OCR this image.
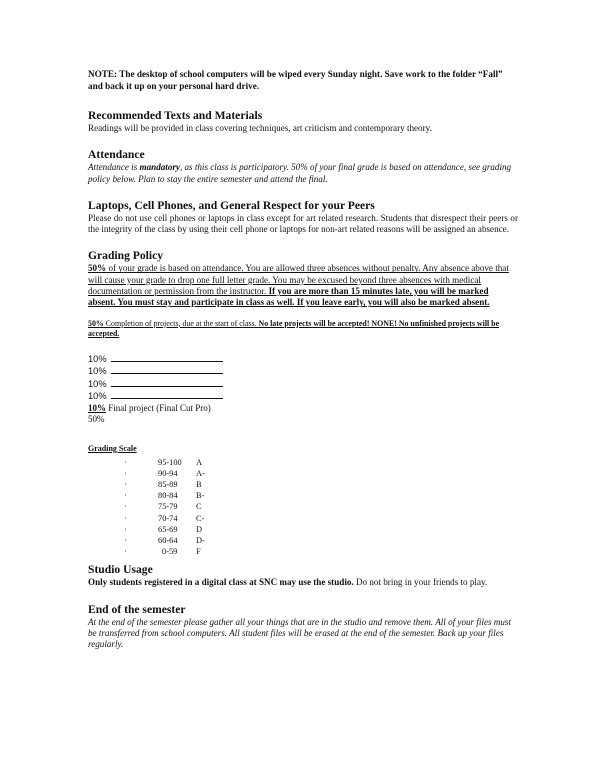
NOTE: The desktop of school computers will be wiped every Sunday night. Save work to the folder “Fall” and back it up on your personal hard drive.

Recommended Texts and Materials

Readings will be provided in class covering techniques, art criticism and contemporary theory.

Attendance

Attendance is mandatory, as this class is participatory. 50% of your final grade is based on attendance, see grading policy below. Plan to stay the entire semester and attend the final.

Laptops, Cell Phones, and General Respect for your Peers

Please do not use cell phones or laptops in class except for art related research. Students that disrespect their peers or the integrity of the class by using their cell phone or laptops for non-art related reasons will be assigned an absence.

Grading Policy

50% of your grade is based on attendance. You are allowed three absences without penalty. Any absence above that will cause your grade to drop one full letter grade. You may be excused beyond three absences with medical documentation or permission from the instructor. If you are more than 15 minutes late, you will be marked absent. You must stay and participate in class as well. If you leave early, you will also be marked absent.

50% Completion of projects, due at the start of class. No late projects will be accepted! NONE! No unfinished projects will be accepted.

10%
10%
10%
10%
10% Final project (Final Cut Pro)
50%
Grading Scale
·	95-100	A
·	90-94	A-
·	85-89	B
·	80-84	B-
·	75-79	C
·	70-74	C-
·	65-69	D
·	60-64	D-
·	0-59	F
Studio Usage

Only students registered in a digital class at SNC may use the studio. Do not bring in your friends to play.

End of the semester

At the end of the semester please gather all your things that are in the studio and remove them. All of your files must be transferred from school computers. All student files will be erased at the end of the semester. Back up your files regularly.
